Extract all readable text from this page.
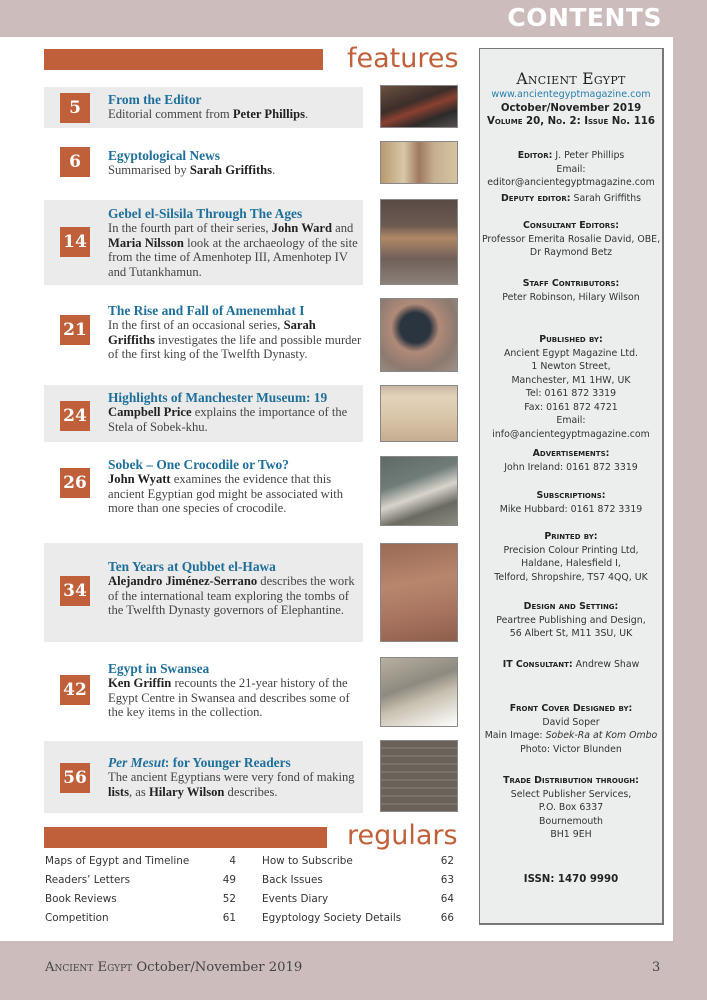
CONTENTS
features
5	From the Editor
Editorial comment from Peter Phillips.
6	Egyptological News
Summarised by Sarah Griffiths.
14
Gebel el-Silsila Through The Ages
In the fourth part of their series, John Ward and Maria Nilsson look at the archaeology of the site from the time of Amenhotep III, Amenhotep IV and Tutankhamun.
21
The Rise and Fall of Amenemhat I
In the first of an occasional series, Sarah Griffiths investigates the life and possible murder of the first king of the Twelfth Dynasty.
24
Highlights of Manchester Museum: 19
Campbell Price explains the importance of the Stela of Sobek-khu.
26
Sobek – One Crocodile or Two?
John Wyatt examines the evidence that this ancient Egyptian god might be associated with more than one species of crocodile.
34
Ten Years at Qubbet el-Hawa
Alejandro Jiménez-Serrano describes the work of the international team exploring the tombs of the Twelfth Dynasty governors of Elephantine.
42
Egypt in Swansea
Ken Griffin recounts the 21-year history of the Egypt Centre in Swansea and describes some of the key items in the collection.
56
Per Mesut: for Younger Readers
The ancient Egyptians were very fond of making lists, as Hilary Wilson describes.
regulars
Maps of Egypt and Timeline	4
Readers’ Letters	49
Book Reviews	52
Competition	61
How to Subscribe	62
Back Issues	63
Events Diary	64
Egyptology Society Details	66
Ancient Egypt
www.ancientegyptmagazine.com
October/November 2019
Volume 20, No. 2: Issue No. 116
Editor: J. Peter Phillips
Email: editor@ancientegyptmagazine.com
Deputy editor: Sarah Griffiths
Consultant Editors:
Professor Emerita Rosalie David, OBE,
Dr Raymond Betz
Staff Contributors:
Peter Robinson, Hilary Wilson
Published by:
Ancient Egypt Magazine Ltd.
1 Newton Street,
Manchester, M1 1HW, UK
Tel: 0161 872 3319
Fax: 0161 872 4721
Email: info@ancientegyptmagazine.com
Advertisements:
John Ireland: 0161 872 3319
Subscriptions:
Mike Hubbard: 0161 872 3319
Printed by:
Precision Colour Printing Ltd,
Haldane, Halesfield I,
Telford, Shropshire, TS7 4QQ, UK
Design and Setting:
Peartree Publishing and Design,
56 Albert St, M11 3SU, UK
IT Consultant: Andrew Shaw
Front Cover Designed by:
David Soper
Main Image: Sobek-Ra at Kom Ombo
Photo: Victor Blunden
Trade Distribution through:
Select Publisher Services,
P.O. Box 6337
Bournemouth
BH1 9EH
ISSN: 1470 9990
Ancient Egypt October/November 2019	3
